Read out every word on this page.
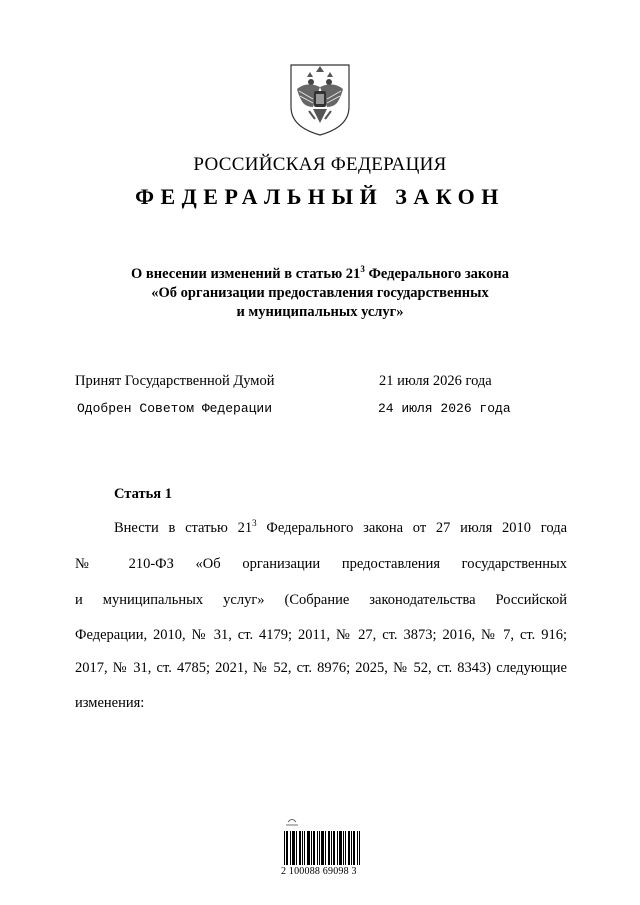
РОССИЙСКАЯ ФЕДЕРАЦИЯ
ФЕДЕРАЛЬНЫЙ ЗАКОН
О внесении изменений в статью $21^3$ Федерального закона
«Об организации предоставления государственных
и муниципальных услуг»
Принят Государственной Думой	21 июля 2026 года
Одобрен Советом Федерации	24 июля 2026 года
Статья 1
Внести в статью $21^3$ Федерального закона от 27 июля 2010 года
№ 210-ФЗ «Об организации предоставления государственных
и муниципальных услуг» (Собрание законодательства Российской
Федерации, 2010, № 31, ст. 4179; 2011, № 27, ст. 3873; 2016, № 7, ст. 916;
2017, № 31, ст. 4785; 2021, № 52, ст. 8976; 2025, № 52, ст. 8343) следующие
изменения:
2 100088 69098 3
